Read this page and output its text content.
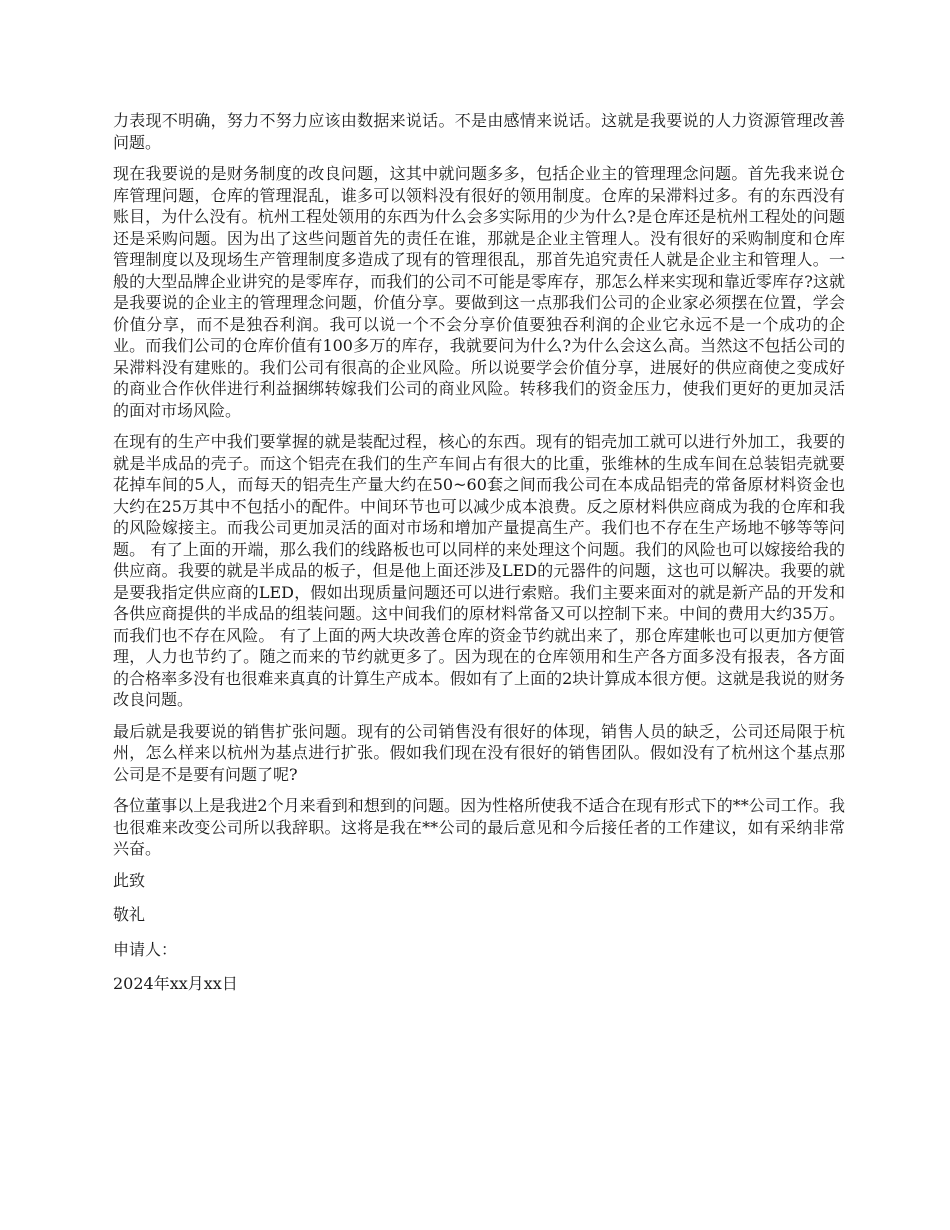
力表现不明确，努力不努力应该由数据来说话。不是由感情来说话。这就是我要说的人力资源管理改善问题。

现在我要说的是财务制度的改良问题，这其中就问题多多，包括企业主的管理理念问题。首先我来说仓库管理问题，仓库的管理混乱，谁多可以领料没有很好的领用制度。仓库的呆滞料过多。有的东西没有账目，为什么没有。杭州工程处领用的东西为什么会多实际用的少为什么?是仓库还是杭州工程处的问题还是采购问题。因为出了这些问题首先的责任在谁，那就是企业主管理人。没有很好的采购制度和仓库管理制度以及现场生产管理制度多造成了现有的管理很乱，那首先追究责任人就是企业主和管理人。一般的大型品牌企业讲究的是零库存，而我们的公司不可能是零库存，那怎么样来实现和靠近零库存?这就是我要说的企业主的管理理念问题，价值分享。要做到这一点那我们公司的企业家必须摆在位置，学会价值分享，而不是独吞利润。我可以说一个不会分享价值要独吞利润的企业它永远不是一个成功的企业。而我们公司的仓库价值有100多万的库存，我就要问为什么?为什么会这么高。当然这不包括公司的呆滞料没有建账的。我们公司有很高的企业风险。所以说要学会价值分享，进展好的供应商使之变成好的商业合作伙伴进行利益捆绑转嫁我们公司的商业风险。转移我们的资金压力，使我们更好的更加灵活的面对市场风险。

在现有的生产中我们要掌握的就是装配过程，核心的东西。现有的铝壳加工就可以进行外加工，我要的就是半成品的壳子。而这个铝壳在我们的生产车间占有很大的比重，张维林的生成车间在总装铝壳就要花掉车间的5人，而每天的铝壳生产量大约在50~60套之间而我公司在本成品铝壳的常备原材料资金也大约在25万其中不包括小的配件。中间环节也可以减少成本浪费。反之原材料供应商成为我的仓库和我的风险嫁接主。而我公司更加灵活的面对市场和增加产量提高生产。我们也不存在生产场地不够等等问题。 有了上面的开端，那么我们的线路板也可以同样的来处理这个问题。我们的风险也可以嫁接给我的供应商。我要的就是半成品的板子，但是他上面还涉及LED的元器件的问题，这也可以解决。我要的就是要我指定供应商的LED，假如出现质量问题还可以进行索赔。我们主要来面对的就是新产品的开发和各供应商提供的半成品的组装问题。这中间我们的原材料常备又可以控制下来。中间的费用大约35万。而我们也不存在风险。 有了上面的两大块改善仓库的资金节约就出来了，那仓库建帐也可以更加方便管理，人力也节约了。随之而来的节约就更多了。因为现在的仓库领用和生产各方面多没有报表，各方面的合格率多没有也很难来真真的计算生产成本。假如有了上面的2块计算成本很方便。这就是我说的财务改良问题。

最后就是我要说的销售扩张问题。现有的公司销售没有很好的体现，销售人员的缺乏，公司还局限于杭州，怎么样来以杭州为基点进行扩张。假如我们现在没有很好的销售团队。假如没有了杭州这个基点那公司是不是要有问题了呢?

各位董事以上是我进2个月来看到和想到的问题。因为性格所使我不适合在现有形式下的**公司工作。我也很难来改变公司所以我辞职。这将是我在**公司的最后意见和今后接任者的工作建议，如有采纳非常兴奋。

此致

敬礼

申请人：

2024年xx月xx日
